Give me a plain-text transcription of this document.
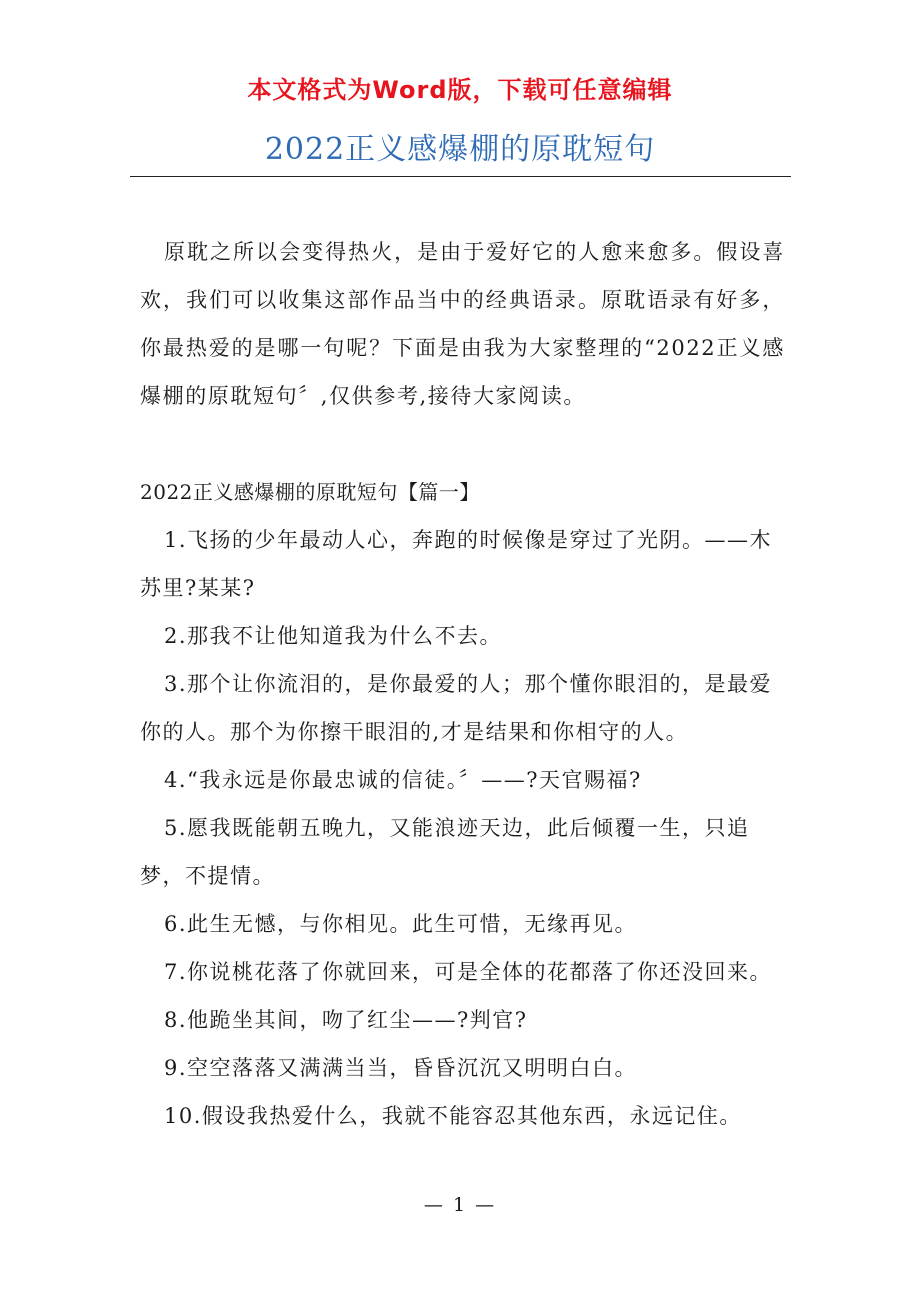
本文格式为Word版，下载可任意编辑
2022正义感爆棚的原耽短句

原耽之所以会变得热火，是由于爱好它的人愈来愈多。假设喜欢，我们可以收集这部作品当中的经典语录。原耽语录有好多，你最热爱的是哪一句呢？下面是由我为大家整理的“2022正义感爆棚的原耽短句〞,仅供参考,接待大家阅读。

2022正义感爆棚的原耽短句【篇一】

1.飞扬的少年最动人心，奔跑的时候像是穿过了光阴。——木苏里?某某?

2.那我不让他知道我为什么不去。

3.那个让你流泪的，是你最爱的人；那个懂你眼泪的，是最爱你的人。那个为你擦干眼泪的,才是结果和你相守的人。

4.“我永远是你最忠诚的信徒。〞——?天官赐福?

5.愿我既能朝五晚九，又能浪迹天边，此后倾覆一生，只追梦，不提情。

6.此生无憾，与你相见。此生可惜，无缘再见。

7.你说桃花落了你就回来，可是全体的花都落了你还没回来。

8.他跪坐其间，吻了红尘——?判官?

9.空空落落又满满当当，昏昏沉沉又明明白白。

10.假设我热爱什么，我就不能容忍其他东西，永远记住。

— 1 —
